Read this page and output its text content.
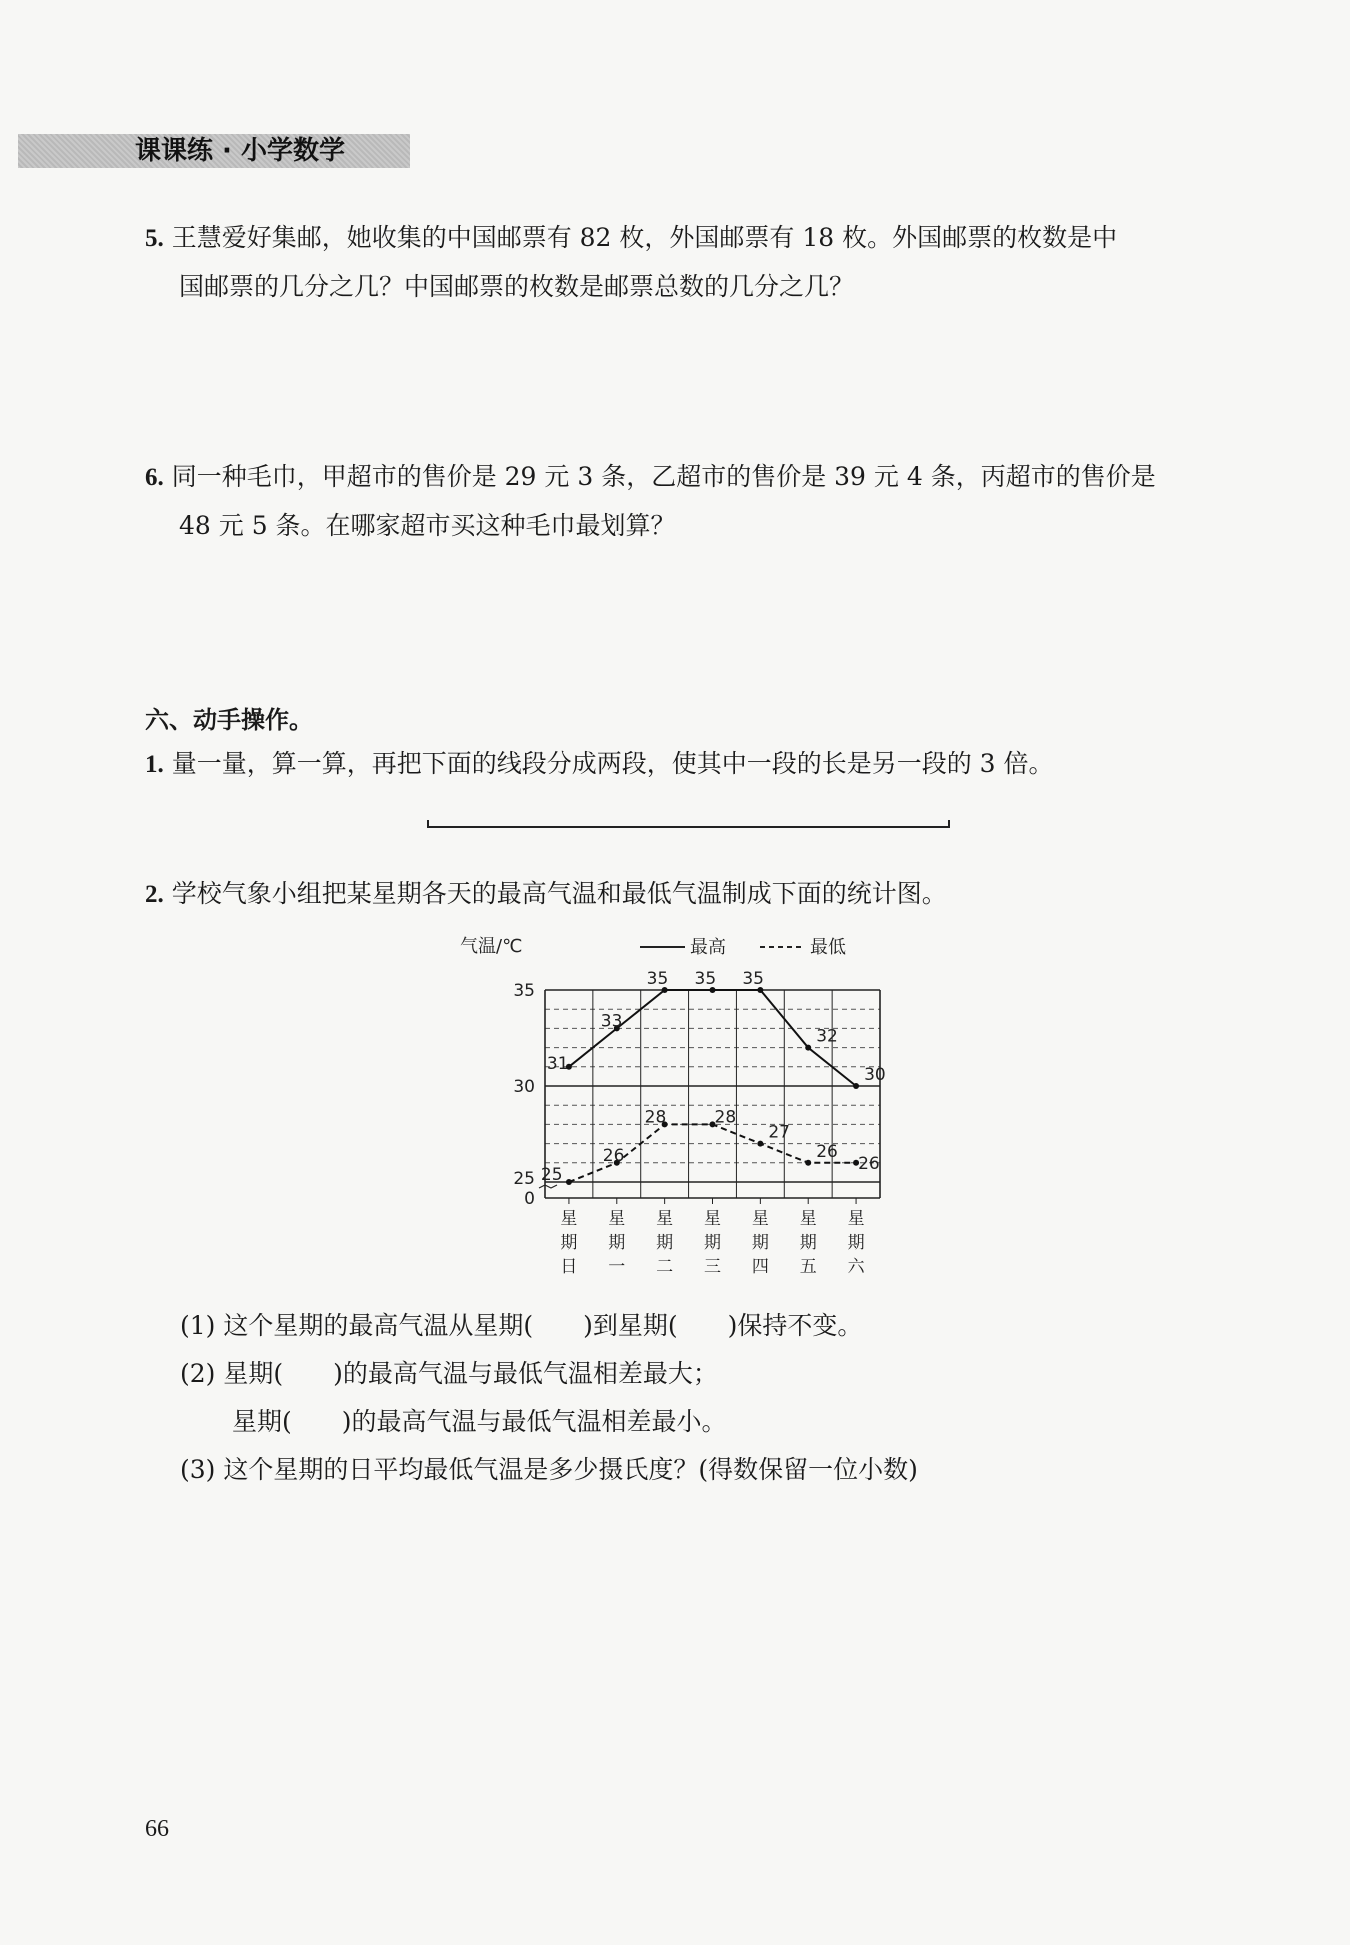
课课练 · 小学数学
5. 王慧爱好集邮，她收集的中国邮票有 82 枚，外国邮票有 18 枚。外国邮票的枚数是中
国邮票的几分之几？中国邮票的枚数是邮票总数的几分之几？
6. 同一种毛巾，甲超市的售价是 29 元 3 条，乙超市的售价是 39 元 4 条，丙超市的售价是
48 元 5 条。在哪家超市买这种毛巾最划算？
六、动手操作。
1. 量一量，算一算，再把下面的线段分成两段，使其中一段的长是另一段的 3 倍。
2. 学校气象小组把某星期各天的最高气温和最低气温制成下面的统计图。
35
30
25
0
气温/℃	最高	最低
31
33
35 35 35
32
30
25
26
28	28
27
26
26
星
期
日
星
期
一
星
期
二
星
期
三
星
期
四
星
期
五
星
期
六
(1) 这个星期的最高气温从星期(　　)到星期(　　)保持不变。
(2) 星期(　　)的最高气温与最低气温相差最大；
星期(　　)的最高气温与最低气温相差最小。
(3) 这个星期的日平均最低气温是多少摄氏度？(得数保留一位小数)
66
